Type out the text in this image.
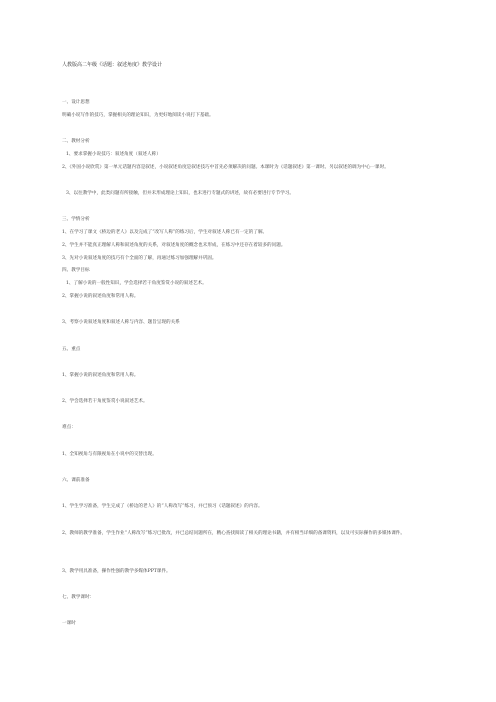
人教版高二年级《话题：叙述角度》教学设计
一、设计思想
明确小说写作的技巧，掌握相关的理论知识，为更好地阅读小说打下基础。
二、教材分析
1、要求掌握小说技巧：叙述角度（叙述人称）
2、《外国小说欣赏》第一单元话题内容是叙述，小说叙述角度是叙述技巧中首先必须解决的问题。本课时为《话题叙述》第一课时。另以叙述的调为中心一课时。
3、以往教学中，此类问题有所接触，但并未形成理论上知识，也未进行专题式的讲述，故有必要进行专节学习。
三、学情分析
1、在学习了课文《桥边的老人》以及完成了“改写人称”的练习后，学生对叙述人称已有一定的了解。
2、学生并不能真正理解人称和叙述角度的关系，对叙述角度的概念也未形成，在练习中还存在着较多的问题。
3、先对小说叙述角度的技巧有个全面的了解，再通过练习加强理解并巩固。
四、教学目标
1、了解小说的一般性知识，学会选择若干角度鉴赏小说的叙述艺术。
2、掌握小说的叙述角度和常用人称。
3、考察小说叙述角度和叙述人称与内容、题旨呈现的关系
五、重点
1、掌握小说的叙述角度和常用人称。
2、学会选择若干角度鉴赏小说叙述艺术。
难点：
1、全知视角与有限视角在小说中的交替出现。
六、课前准备
1、学生学习准备，学生完成了《桥边的老人》的“人称改写”练习，并已预习《话题叙述》的内容。
2、教师的教学准备，学生作业“人称改写”练习已批改，并已总结问题所在，精心查找阅读了相关的理论书籍，并有相当详细的备课资料，以及可实际操作的多媒体课件。
3、教学用具准备，操作性强的教学多媒体PPT课件。
七、教学课时：
一课时
